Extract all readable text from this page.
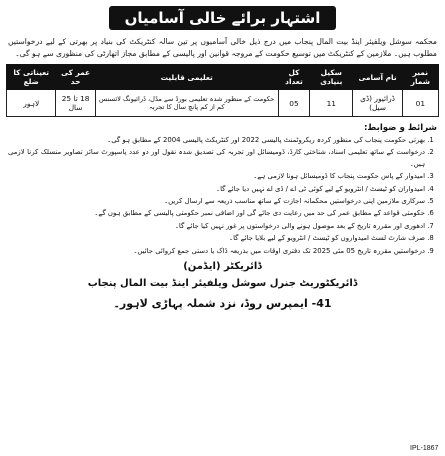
اشتہار برائے خالی آسامیاں

محکمہ سوشل ویلفیئر اینڈ بیت المال پنجاب میں درج ذیل خالی آسامیوں پر تین سالہ کنٹریکٹ کی بنیاد پر بھرتی کے لیے درخواستیں مطلوب ہیں۔ ملازمین کے کنٹریکٹ میں توسیع حکومت کے مروجہ قوانین اور پالیسی کے مطابق مجاز اتھارٹی کی منظوری سے ہو گی۔

نمبر شمار	نام آسامی	سکیل بنیادی	کل تعداد	تعلیمی قابلیت	عمر کی حد	تعیناتی کا ضلع
01	ڈرائیور (ڈی سیل)	11	05	حکومت کے منظور شدہ تعلیمی بورڈ سے مڈل، ڈرائیونگ لائسنس کم از کم پانچ سال کا تجربہ	18 تا 25 سال	لاہور
شرائط و ضوابط:
1. بھرتی حکومت پنجاب کی منظور کردہ ریکروٹمنٹ پالیسی 2022 اور کنٹریکٹ پالیسی 2004 کے مطابق ہو گی۔
2. درخواست کے ساتھ تعلیمی اسناد، شناختی کارڈ، ڈومیسائل اور تجربہ کی تصدیق شدہ نقول اور دو عدد پاسپورٹ سائز تصاویر منسلک کرنا لازمی ہیں۔
3. امیدوار کے پاس حکومت پنجاب کا ڈومیسائل ہونا لازمی ہے۔
4. امیدواران کو ٹیسٹ / انٹرویو کے لیے کوئی ٹی اے / ڈی اے نہیں دیا جائے گا۔
5. سرکاری ملازمین اپنی درخواستیں محکمانہ اجازت کے ساتھ مناسب ذریعہ سے ارسال کریں۔
6. حکومتی قواعد کے مطابق عمر کی حد میں رعایت دی جائے گی اور اضافی نمبر حکومتی پالیسی کے مطابق ہوں گے۔
7. ادھوری اور مقررہ تاریخ کے بعد موصول ہونے والی درخواستوں پر غور نہیں کیا جائے گا۔
8. صرف شارٹ لسٹ امیدواروں کو ٹیسٹ / انٹرویو کے لیے بلایا جائے گا۔
9. درخواستیں مقررہ تاریخ 05 مئی 2025 تک دفتری اوقات میں بذریعہ ڈاک یا دستی جمع کروائی جائیں۔
ڈائریکٹر (ایڈمن)
ڈائریکٹوریٹ جنرل سوشل ویلفیئر اینڈ بیت المال پنجاب
41- ایمپرس روڈ، نزد شملہ پہاڑی لاہور۔
IPL-1867
